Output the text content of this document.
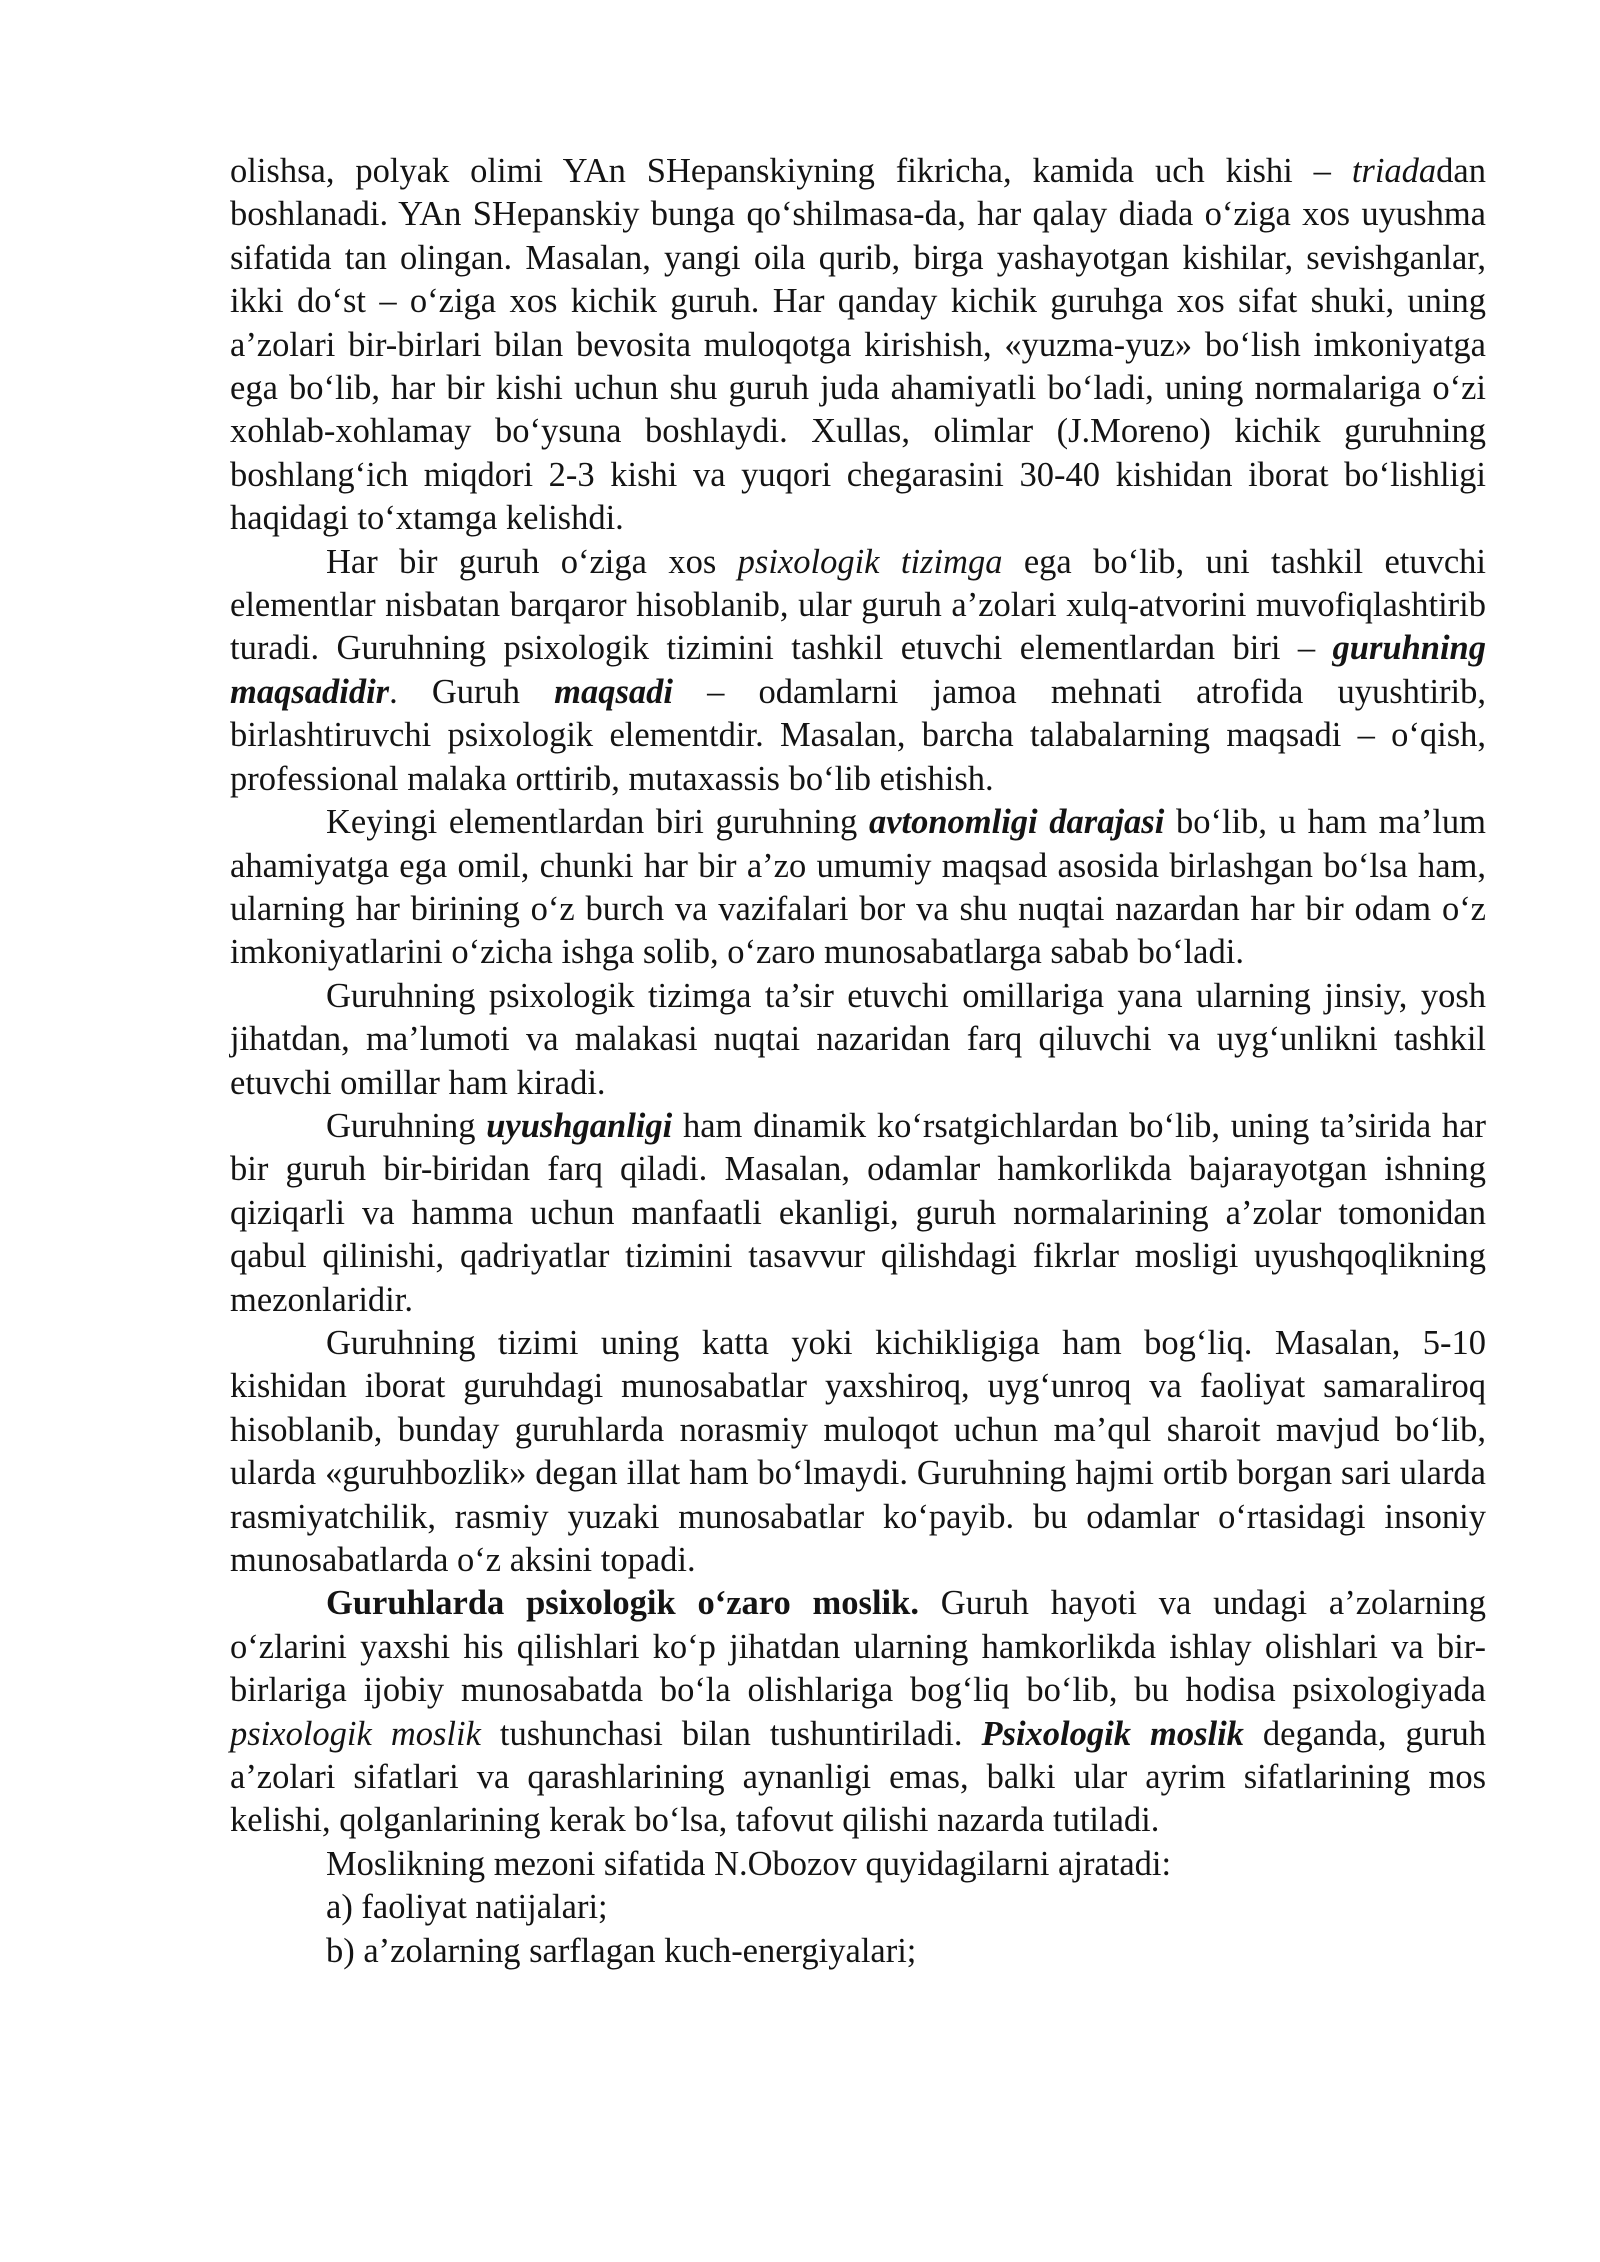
olishsa, polyak olimi YAn SHepanskiyning fikricha, kamida uch kishi – triadadan boshlanadi. YAn SHepanskiy bunga qo‘shilmasa-da, har qalay diada o‘ziga xos uyushma sifatida tan olingan. Masalan, yangi oila qurib, birga yashayotgan kishilar, sevishganlar, ikki do‘st – o‘ziga xos kichik guruh. Har qanday kichik guruhga xos sifat shuki, uning a’zolari bir-birlari bilan bevosita muloqotga kirishish, «yuzma-yuz» bo‘lish imkoniyatga ega bo‘lib, har bir kishi uchun shu guruh juda ahamiyatli bo‘ladi, uning normalariga o‘zi xohlab-xohlamay bo‘ysuna boshlaydi. Xullas, olimlar (J.Moreno) kichik guruhning boshlang‘ich miqdori 2-3 kishi va yuqori chegarasini 30-40 kishidan iborat bo‘lishligi haqidagi to‘xtamga kelishdi.

Har bir guruh o‘ziga xos psixologik tizimga ega bo‘lib, uni tashkil etuvchi elementlar nisbatan barqaror hisoblanib, ular guruh a’zolari xulq-atvorini muvofiqlashtirib turadi. Guruhning psixologik tizimini tashkil etuvchi elementlardan biri – guruhning maqsadidir. Guruh maqsadi – odamlarni jamoa mehnati atrofida uyushtirib, birlashtiruvchi psixologik elementdir. Masalan, barcha talabalarning maqsadi – o‘qish, professional malaka orttirib, mutaxassis bo‘lib etishish.

Keyingi elementlardan biri guruhning avtonomligi darajasi bo‘lib, u ham ma’lum ahamiyatga ega omil, chunki har bir a’zo umumiy maqsad asosida birlashgan bo‘lsa ham, ularning har birining o‘z burch va vazifalari bor va shu nuqtai nazardan har bir odam o‘z imkoniyatlarini o‘zicha ishga solib, o‘zaro munosabatlarga sabab bo‘ladi.

Guruhning psixologik tizimga ta’sir etuvchi omillariga yana ularning jinsiy, yosh jihatdan, ma’lumoti va malakasi nuqtai nazaridan farq qiluvchi va uyg‘unlikni tashkil etuvchi omillar ham kiradi.

Guruhning uyushganligi ham dinamik ko‘rsatgichlardan bo‘lib, uning ta’sirida har bir guruh bir-biridan farq qiladi. Masalan, odamlar hamkorlikda bajarayotgan ishning qiziqarli va hamma uchun manfaatli ekanligi, guruh normalarining a’zolar tomonidan qabul qilinishi, qadriyatlar tizimini tasavvur qilishdagi fikrlar mosligi uyushqoqlikning mezonlaridir.

Guruhning tizimi uning katta yoki kichikligiga ham bog‘liq. Masalan, 5-10 kishidan iborat guruhdagi munosabatlar yaxshiroq, uyg‘unroq va faoliyat samaraliroq hisoblanib, bunday guruhlarda norasmiy muloqot uchun ma’qul sharoit mavjud bo‘lib, ularda «guruhbozlik» degan illat ham bo‘lmaydi. Guruhning hajmi ortib borgan sari ularda rasmiyatchilik, rasmiy yuzaki munosabatlar ko‘payib. bu odamlar o‘rtasidagi insoniy munosabatlarda o‘z aksini topadi.

Guruhlarda psixologik o‘zaro moslik. Guruh hayoti va undagi a’zolarning o‘zlarini yaxshi his qilishlari ko‘p jihatdan ularning hamkorlikda ishlay olishlari va bir-birlariga ijobiy munosabatda bo‘la olishlariga bog‘liq bo‘lib, bu hodisa psixologiyada psixologik moslik tushunchasi bilan tushuntiriladi. Psixologik moslik deganda, guruh a’zolari sifatlari va qarashlarining aynanligi emas, balki ular ayrim sifatlarining mos kelishi, qolganlarining kerak bo‘lsa, tafovut qilishi nazarda tutiladi.

Moslikning mezoni sifatida N.Obozov quyidagilarni ajratadi:

a) faoliyat natijalari;

b) a’zolarning sarflagan kuch-energiyalari;
